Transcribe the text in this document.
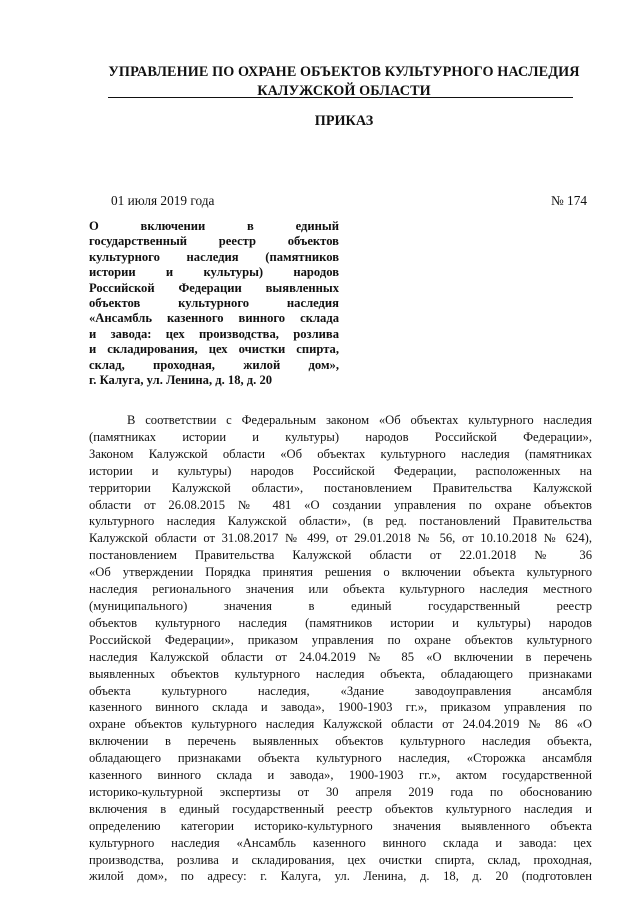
УПРАВЛЕНИЕ ПО ОХРАНЕ ОБЪЕКТОВ КУЛЬТУРНОГО НАСЛЕДИЯ
КАЛУЖСКОЙ ОБЛАСТИ
ПРИКАЗ
01 июля 2019 года	№ 174
О включении в единый
государственный реестр объектов
культурного наследия (памятников
истории и культуры) народов
Российской Федерации выявленных
объектов культурного наследия
«Ансамбль казенного винного склада
и завода: цех производства, розлива
и складирования, цех очистки спирта,
склад, проходная, жилой дом»,
г. Калуга, ул. Ленина, д. 18, д. 20
В соответствии с Федеральным законом «Об объектах культурного наследия
(памятниках истории и культуры) народов Российской Федерации»,
Законом Калужской области «Об объектах культурного наследия (памятниках
истории и культуры) народов Российской Федерации, расположенных на
территории Калужской области», постановлением Правительства Калужской
области от 26.08.2015 № 481 «О создании управления по охране объектов
культурного наследия Калужской области», (в ред. постановлений Правительства
Калужской области от 31.08.2017 № 499, от 29.01.2018 № 56, от 10.10.2018 № 624),
постановлением Правительства Калужской области от 22.01.2018 № 36
«Об утверждении Порядка принятия решения о включении объекта культурного
наследия регионального значения или объекта культурного наследия местного
(муниципального) значения в единый государственный реестр
объектов культурного наследия (памятников истории и культуры) народов
Российской Федерации», приказом управления по охране объектов культурного
наследия Калужской области от 24.04.2019 № 85 «О включении в перечень
выявленных объектов культурного наследия объекта, обладающего признаками
объекта культурного наследия, «Здание заводоуправления ансамбля
казенного винного склада и завода», 1900-1903 гг.», приказом управления по
охране объектов культурного наследия Калужской области от 24.04.2019 № 86 «О
включении в перечень выявленных объектов культурного наследия объекта,
обладающего признаками объекта культурного наследия, «Сторожка ансамбля
казенного винного склада и завода», 1900-1903 гг.», актом государственной
историко-культурной экспертизы от 30 апреля 2019 года по обоснованию
включения в единый государственный реестр объектов культурного наследия и
определению категории историко-культурного значения выявленного объекта
культурного наследия «Ансамбль казенного винного склада и завода: цех
производства, розлива и складирования, цех очистки спирта, склад, проходная,
жилой дом», по адресу: г. Калуга, ул. Ленина, д. 18, д. 20 (подготовлен
